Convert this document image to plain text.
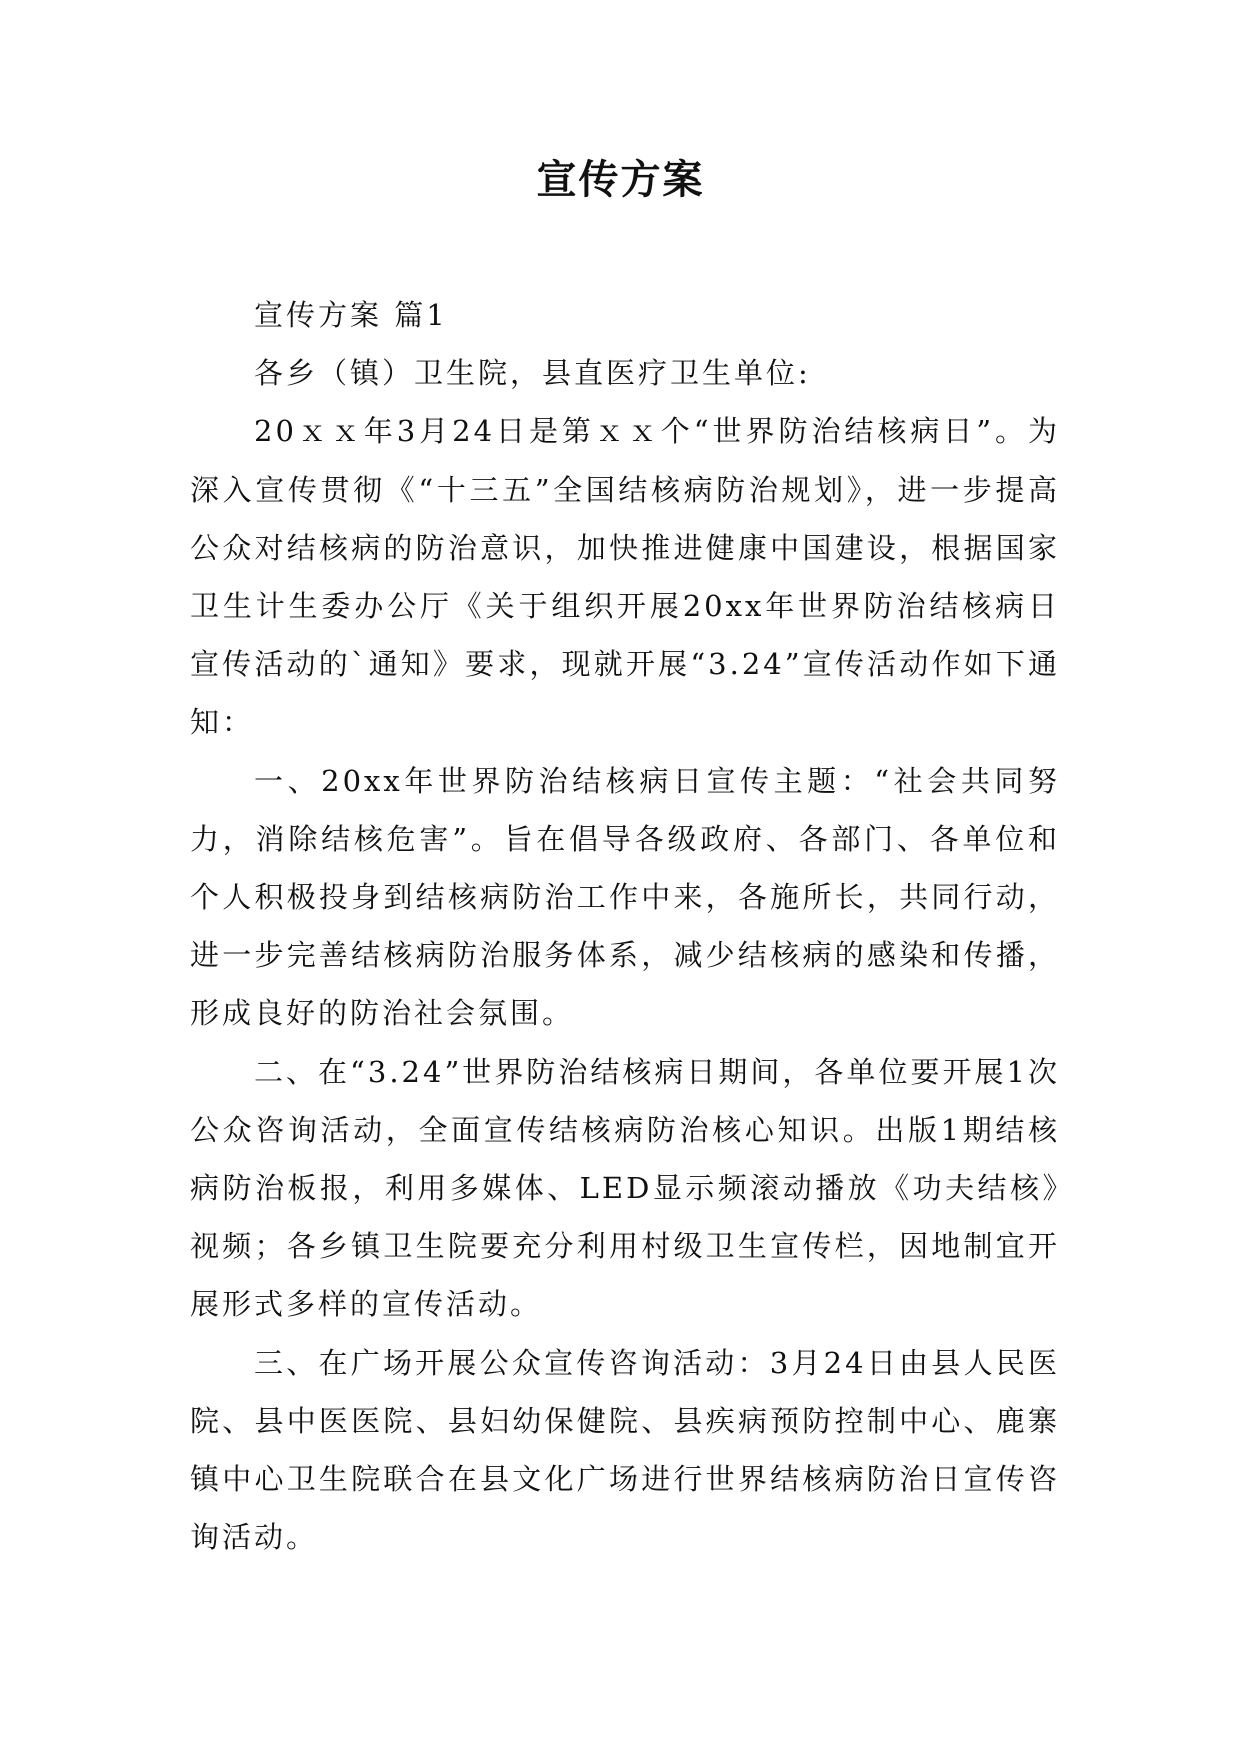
宣传方案

宣传方案 篇1

各乡（镇）卫生院，县直医疗卫生单位:

20ｘｘ年3月24日是第ｘｘ个“世界防治结核病日”。为深入宣传贯彻《“十三五”全国结核病防治规划》，进一步提高公众对结核病的防治意识，加快推进健康中国建设，根据国家卫生计生委办公厅《关于组织开展20xx年世界防治结核病日宣传活动的`通知》要求，现就开展“3.24”宣传活动作如下通知：

一、20xx年世界防治结核病日宣传主题：“社会共同努力，消除结核危害”。旨在倡导各级政府、各部门、各单位和个人积极投身到结核病防治工作中来，各施所长，共同行动，进一步完善结核病防治服务体系，减少结核病的感染和传播，形成良好的防治社会氛围。

二、在“3.24”世界防治结核病日期间，各单位要开展1次公众咨询活动，全面宣传结核病防治核心知识。出版1期结核病防治板报，利用多媒体、LED显示频滚动播放《功夫结核》视频；各乡镇卫生院要充分利用村级卫生宣传栏，因地制宜开展形式多样的宣传活动。

三、在广场开展公众宣传咨询活动：3月24日由县人民医院、县中医医院、县妇幼保健院、县疾病预防控制中心、鹿寨镇中心卫生院联合在县文化广场进行世界结核病防治日宣传咨询活动。
